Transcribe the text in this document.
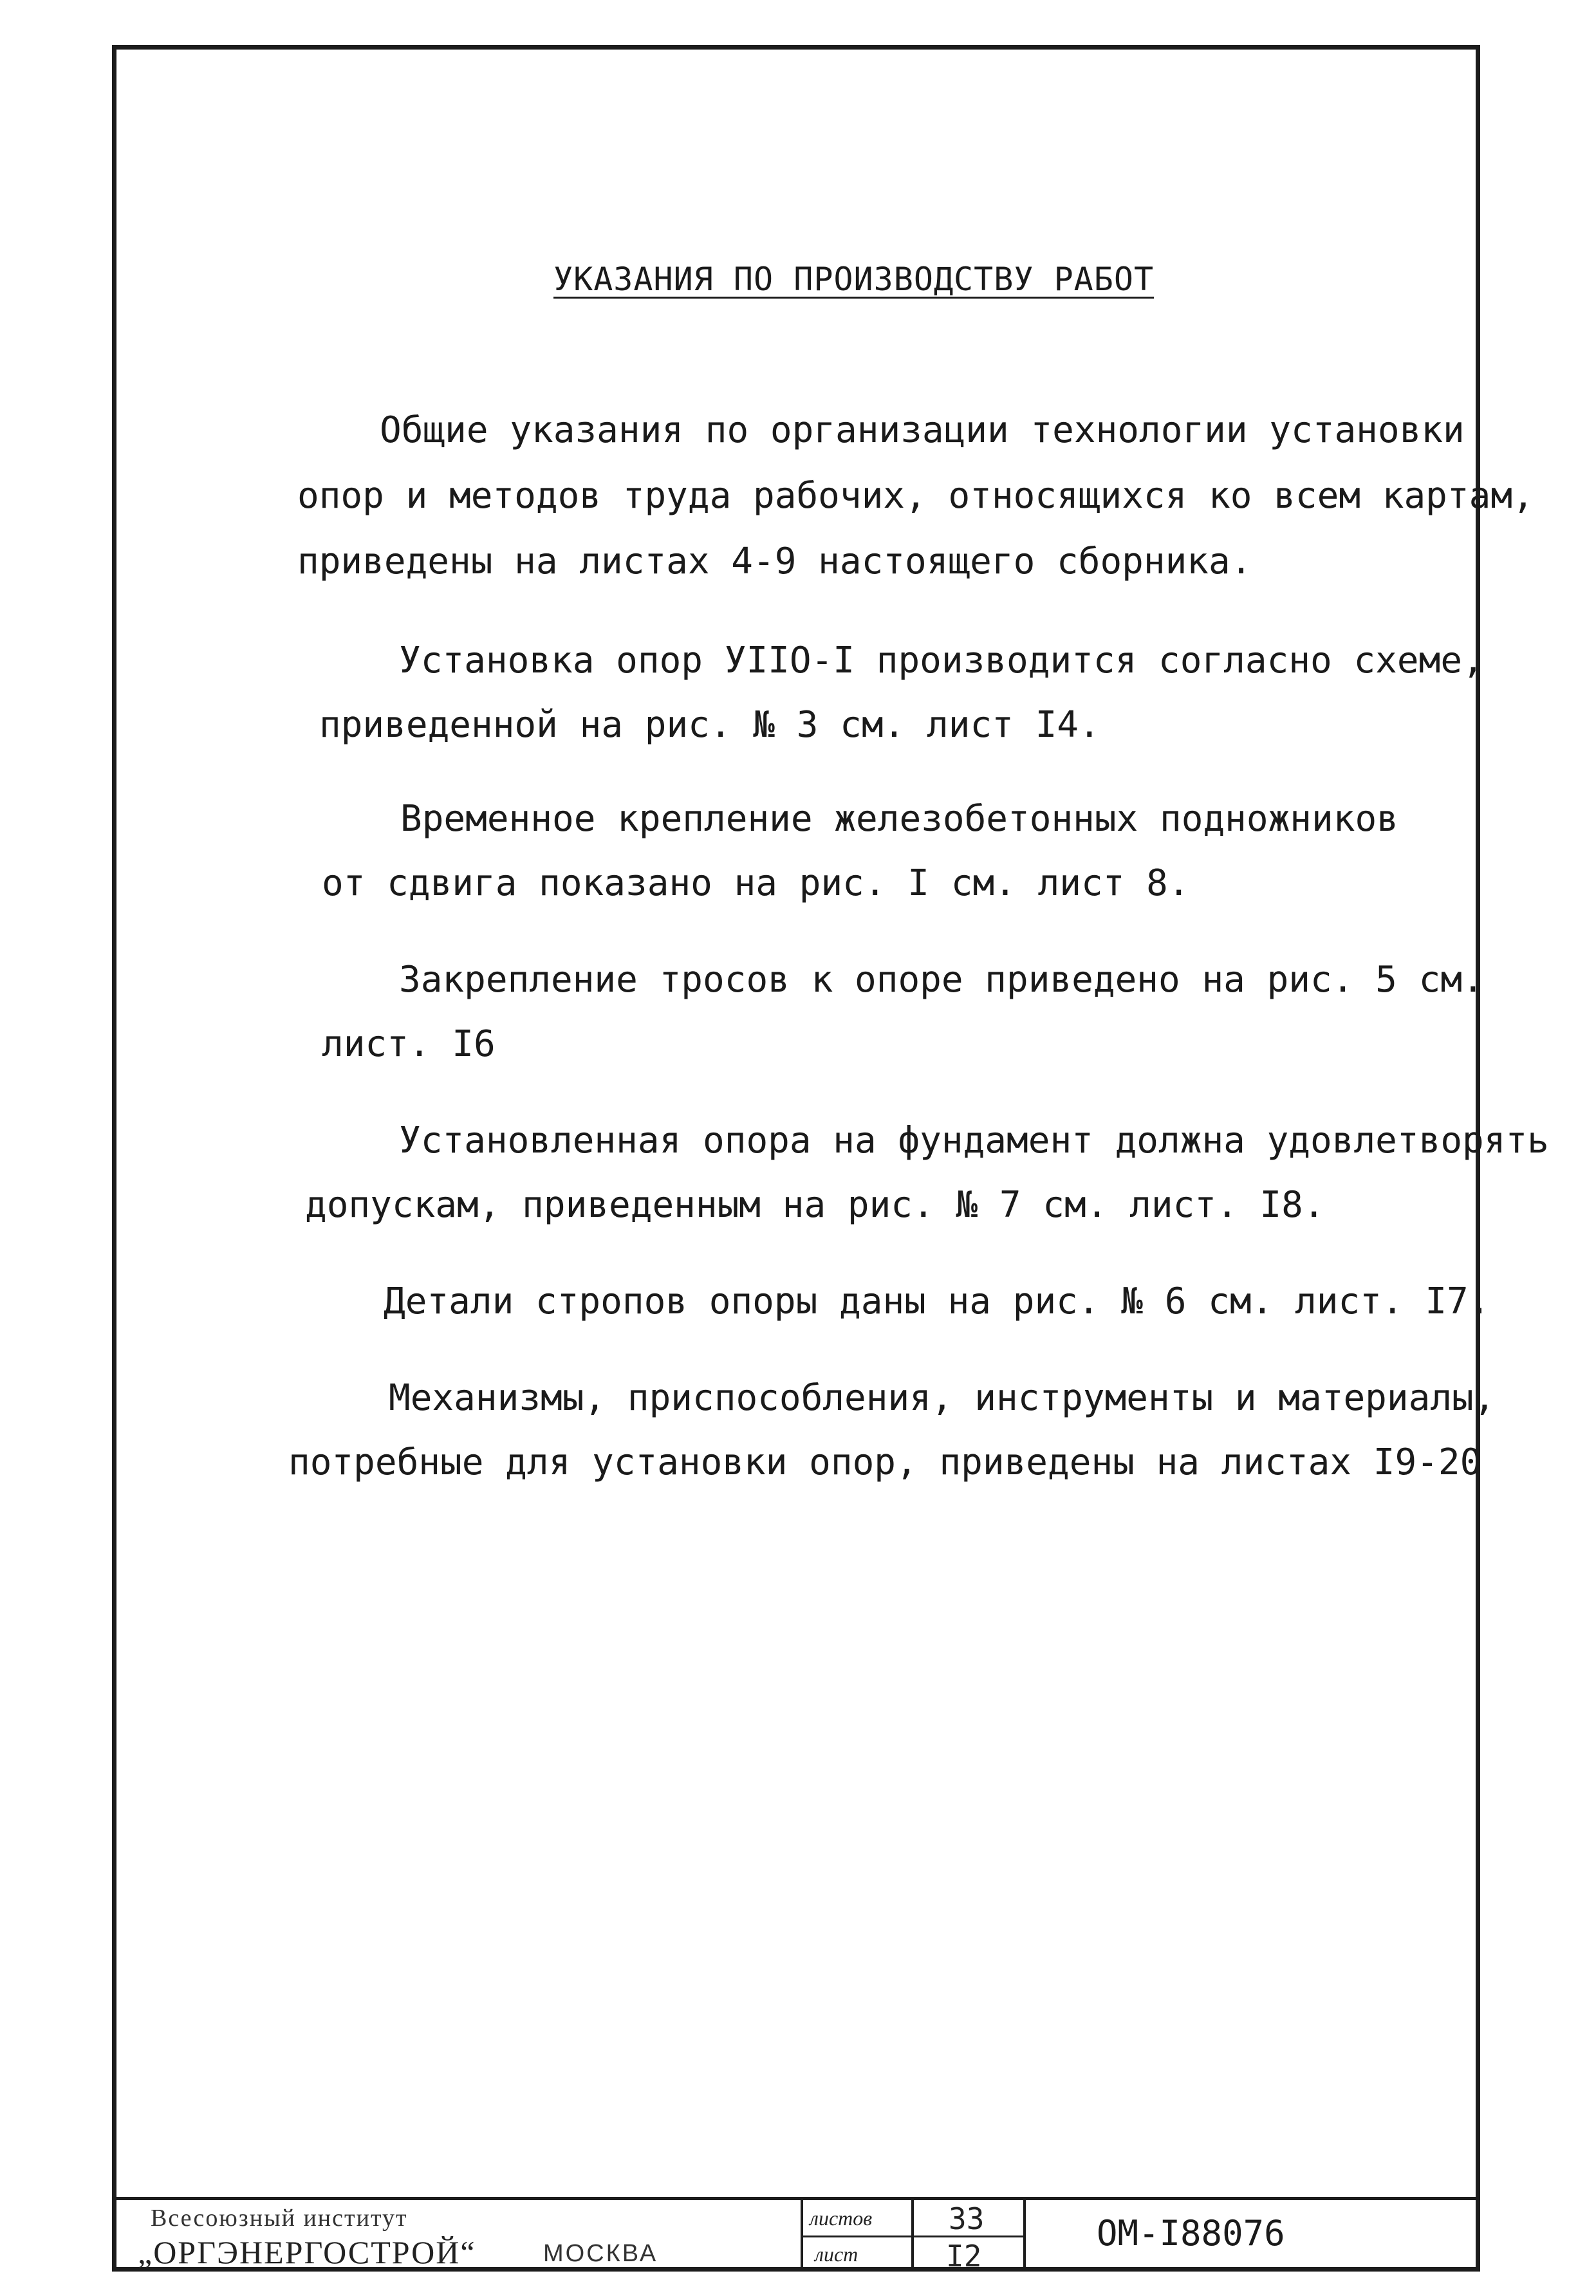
УКАЗАНИЯ ПО ПРОИЗВОДСТВУ РАБОТ
Общие указания по организации технологии установки
опор и методов труда рабочих, относящихся ко всем картам,
приведены на листах 4-9 настоящего сборника.
Установка опор УIIО-I производится согласно схеме,
приведенной на рис. № 3 см. лист I4.
Временное крепление железобетонных подножников
от сдвига показано на рис. I см. лист 8.
Закрепление тросов к опоре приведено на рис. 5 см.
лист. I6
Установленная опора на фундамент должна удовлетворять
допускам, приведенным на рис. № 7 см. лист. I8.
Детали стропов опоры даны на рис. № 6 см. лист. I7.
Механизмы, приспособления, инструменты и материалы,
потребные для установки опор, приведены на листах I9-20
Всесоюзный институт
„ОРГЭНЕРГОСТРОЙ“	МОСКВА
листов	33
лист	I2
ОМ-I88076
